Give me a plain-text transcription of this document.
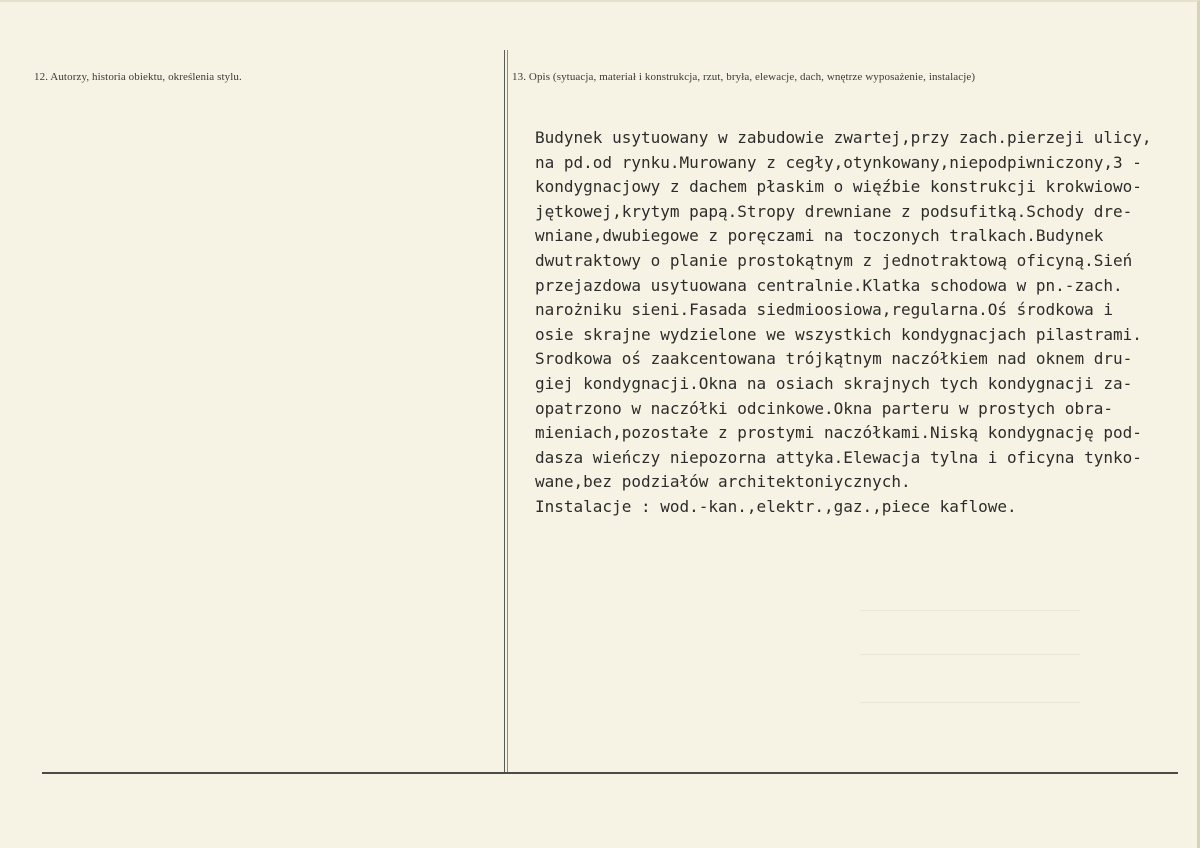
12. Autorzy, historia obiektu, określenia stylu.	13. Opis (sytuacja, materiał i konstrukcja, rzut, bryła, elewacje, dach, wnętrze wyposażenie, instalacje)
Budynek usytuowany w zabudowie zwartej,przy zach.pierzeji ulicy,
na pd.od rynku.Murowany z cegły,otynkowany,niepodpiwniczony,3 -
kondygnacjowy z dachem płaskim o więźbie konstrukcji krokwiowo-
jętkowej,krytym papą.Stropy drewniane z podsufitką.Schody dre-
wniane,dwubiegowe z poręczami na toczonych tralkach.Budynek
dwutraktowy o planie prostokątnym z jednotraktową oficyną.Sień
przejazdowa usytuowana centralnie.Klatka schodowa w pn.-zach.
narożniku sieni.Fasada siedmioosiowa,regularna.Oś środkowa i
osie skrajne wydzielone we wszystkich kondygnacjach pilastrami.
Srodkowa oś zaakcentowana trójkątnym naczółkiem nad oknem dru-
giej kondygnacji.Okna na osiach skrajnych tych kondygnacji za-
opatrzono w naczółki odcinkowe.Okna parteru w prostych obra-
mieniach,pozostałe z prostymi naczółkami.Niską kondygnację pod-
dasza wieńczy niepozorna attyka.Elewacja tylna i oficyna tynko-
wane,bez podziałów architektoniycznych.
Instalacje : wod.-kan.,elektr.,gaz.,piece kaflowe.
